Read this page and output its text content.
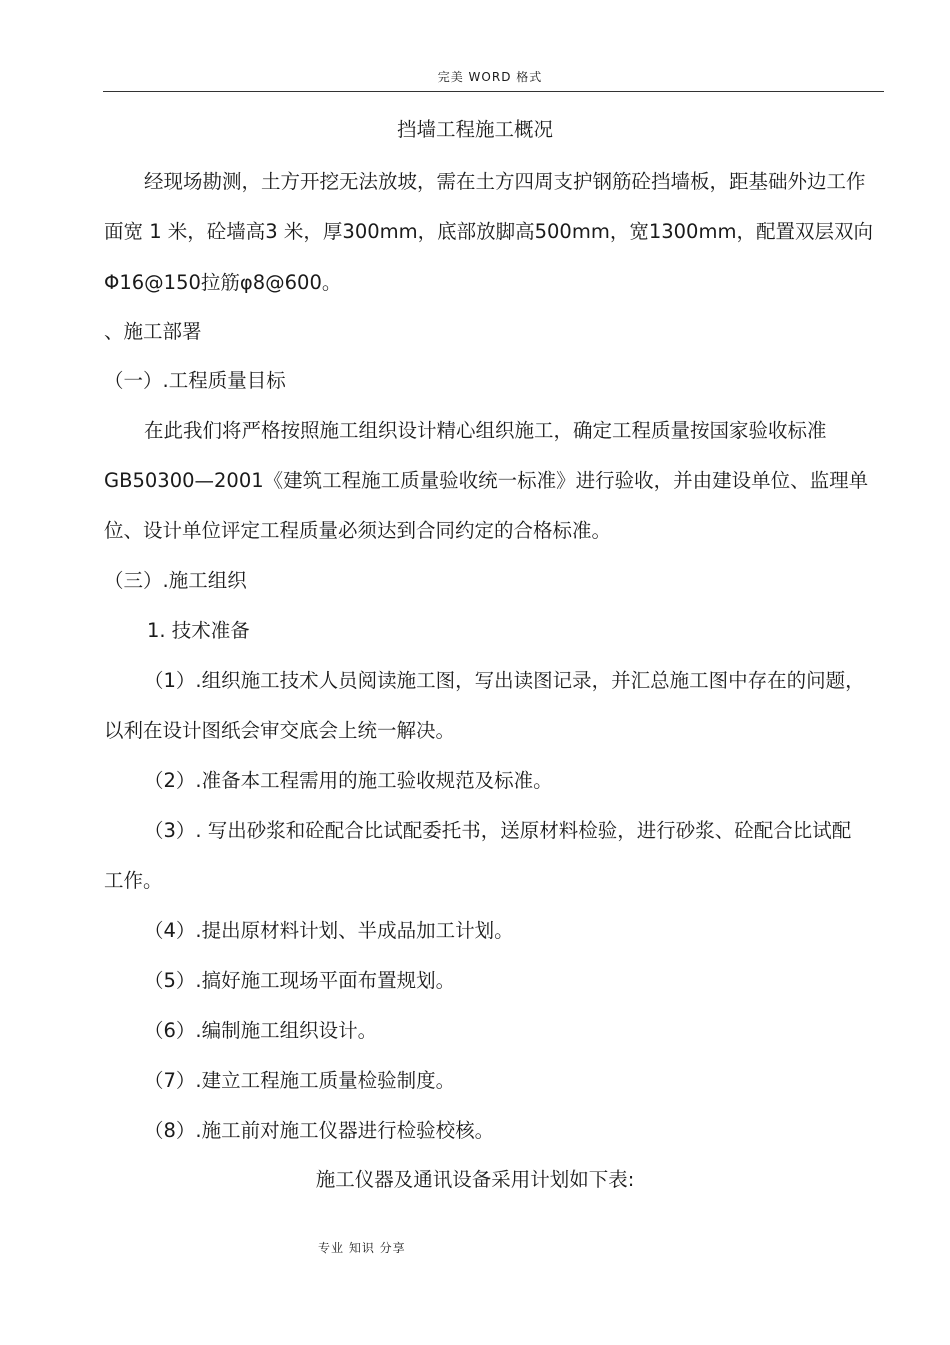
完美 WORD 格式
挡墙工程施工概况
经现场勘测，土方开挖无法放坡，需在土方四周支护钢筋砼挡墙板，距基础外边工作
面宽 1 米，砼墙高3 米，厚300mm，底部放脚高500mm，宽1300mm，配置双层双向
Φ16@150拉筋φ8@600。
、施工部署
（一）.工程质量目标
在此我们将严格按照施工组织设计精心组织施工，确定工程质量按国家验收标准
GB50300—2001《建筑工程施工质量验收统一标准》进行验收，并由建设单位、监理单
位、设计单位评定工程质量必须达到合同约定的合格标准。
（三）.施工组织
1. 技术准备
（1）.组织施工技术人员阅读施工图，写出读图记录，并汇总施工图中存在的问题，
以利在设计图纸会审交底会上统一解决。
（2）.准备本工程需用的施工验收规范及标准。
（3）. 写出砂浆和砼配合比试配委托书，送原材料检验，进行砂浆、砼配合比试配
工作。
（4）.提出原材料计划、半成品加工计划。
（5）.搞好施工现场平面布置规划。
（6）.编制施工组织设计。
（7）.建立工程施工质量检验制度。
（8）.施工前对施工仪器进行检验校核。
施工仪器及通讯设备采用计划如下表:
专业 知识 分享
